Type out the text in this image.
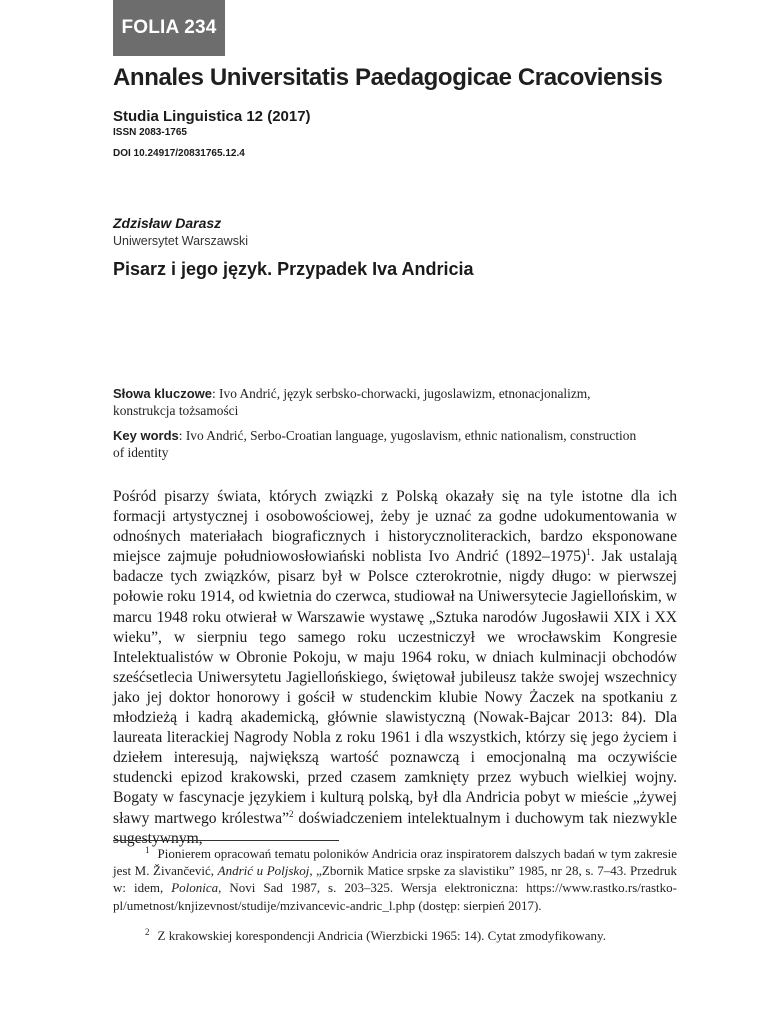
FOLIA 234
Annales Universitatis Paedagogicae Cracoviensis
Studia Linguistica 12 (2017)
ISSN 2083-1765
DOI 10.24917/20831765.12.4
Zdzisław Darasz
Uniwersytet Warszawski
Pisarz i jego język. Przypadek Iva Andricia
Słowa kluczowe: Ivo Andrić, język serbsko-chorwacki, jugoslawizm, etnonacjonalizm, konstrukcja tożsamości
Key words: Ivo Andrić, Serbo-Croatian language, yugoslavism, ethnic nationalism, construction of identity

Pośród pisarzy świata, których związki z Polską okazały się na tyle istotne dla ich formacji artystycznej i osobowościowej, żeby je uznać za godne udokumentowania w odnośnych materiałach biograficznych i historycznoliterackich, bardzo eksponowane miejsce zajmuje południowosłowiański noblista Ivo Andrić (1892–1975)$^1$. Jak ustalają badacze tych związków, pisarz był w Polsce czterokrotnie, nigdy długo: w pierwszej połowie roku 1914, od kwietnia do czerwca, studiował na Uniwersytecie Jagiellońskim, w marcu 1948 roku otwierał w Warszawie wystawę „Sztuka narodów Jugosławii XIX i XX wieku”, w sierpniu tego samego roku uczestniczył we wrocławskim Kongresie Intelektualistów w Obronie Pokoju, w maju 1964 roku, w dniach kulminacji obchodów sześćsetlecia Uniwersytetu Jagiellońskiego, świętował jubileusz także swojej wszechnicy jako jej doktor honorowy i gościł w studenckim klubie Nowy Żaczek na spotkaniu z młodzieżą i kadrą akademicką, głównie slawistyczną (Nowak-Bajcar 2013: 84). Dla laureata literackiej Nagrody Nobla z roku 1961 i dla wszystkich, którzy się jego życiem i dziełem interesują, największą wartość poznawczą i emocjonalną ma oczywiście studencki epizod krakowski, przed czasem zamknięty przez wybuch wielkiej wojny. Bogaty w fascynacje językiem i kulturą polską, był dla Andricia pobyt w mieście „żywej sławy martwego królestwa”$^2$ doświadczeniem intelektualnym i duchowym tak niezwykle sugestywnym,

$^1$ Pionierem opracowań tematu poloników Andricia oraz inspiratorem dalszych badań w tym zakresie jest M. Živančević, Andrić u Poljskoj, „Zbornik Matice srpske za slavistiku” 1985, nr 28, s. 7–43. Przedruk w: idem, Polonica, Novi Sad 1987, s. 203–325. Wersja elektroniczna: https://www.rastko.rs/rastko-pl/umetnost/knjizevnost/studije/mzivancevic-andric_l.php (dostęp: sierpień 2017).

$^2$ Z krakowskiej korespondencji Andricia (Wierzbicki 1965: 14). Cytat zmodyfikowany.
